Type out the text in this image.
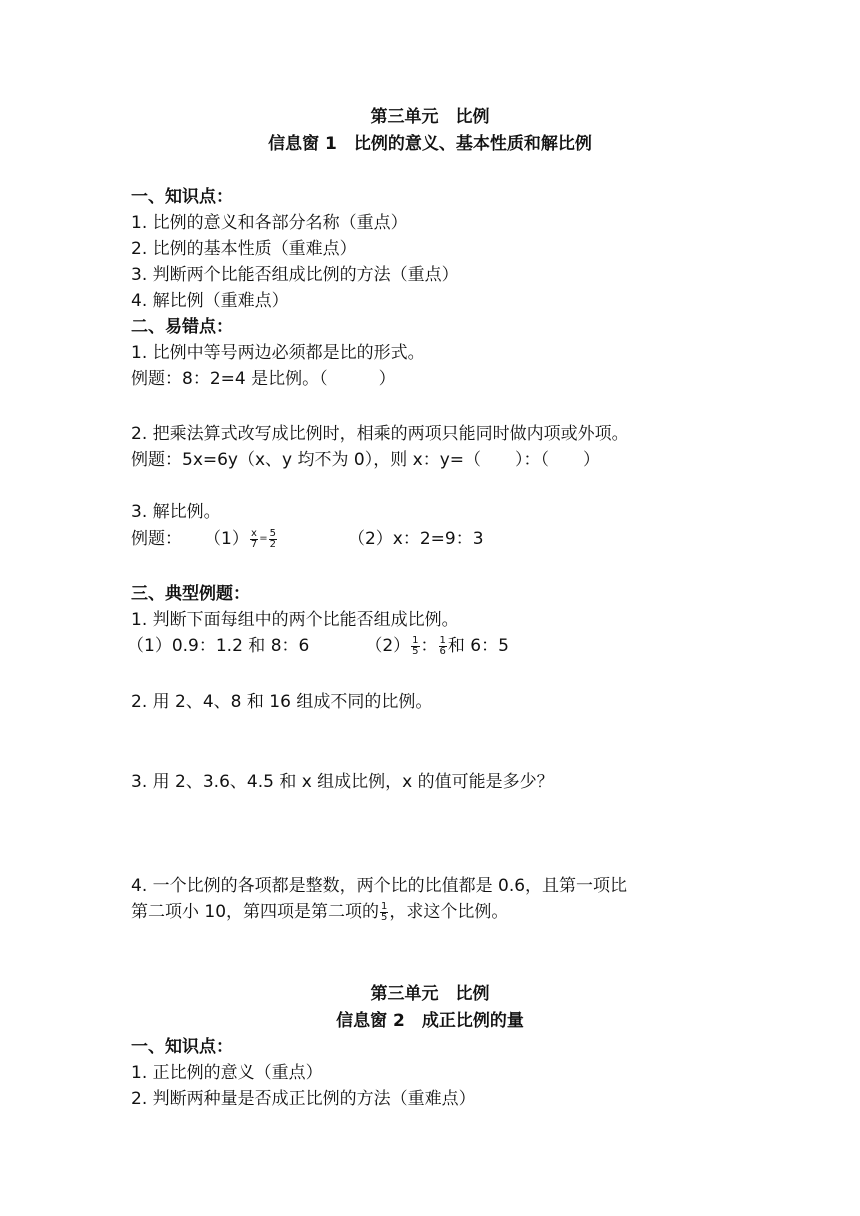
第三单元　比例
信息窗 1　比例的意义、基本性质和解比例
一、知识点：
1. 比例的意义和各部分名称（重点）
2. 比例的基本性质（重难点）
3. 判断两个比能否组成比例的方法（重点）
4. 解比例（重难点）
二、易错点：
1. 比例中等号两边必须都是比的形式。
例题：8：2=4 是比例。（　　　）
2. 把乘法算式改写成比例时，相乘的两项只能同时做内项或外项。
例题：5x=6y（x、y 均不为 0），则 x：y=（　　）：（　　）
3. 解比例。
例题： $(1) \frac{x}{7} = \frac{5}{2}$	（2）x：2=9：3
三、典型例题：
1. 判断下面每组中的两个比能否组成比例。
（1）0.9：1.2 和 8：6	$(2) \frac{1}{5}$ ： $\frac{1}{6}$ 和 6：5
2. 用 2、4、8 和 16 组成不同的比例。
3. 用 2、3.6、4.5 和 x 组成比例，x 的值可能是多少？
4. 一个比例的各项都是整数，两个比的比值都是 0.6，且第一项比
第二项小 10，第四项是第二项的 $\frac{1}{5}$ ，求这个比例。
第三单元　比例
信息窗 2　成正比例的量
一、知识点：
1. 正比例的意义（重点）
2. 判断两种量是否成正比例的方法（重难点）
